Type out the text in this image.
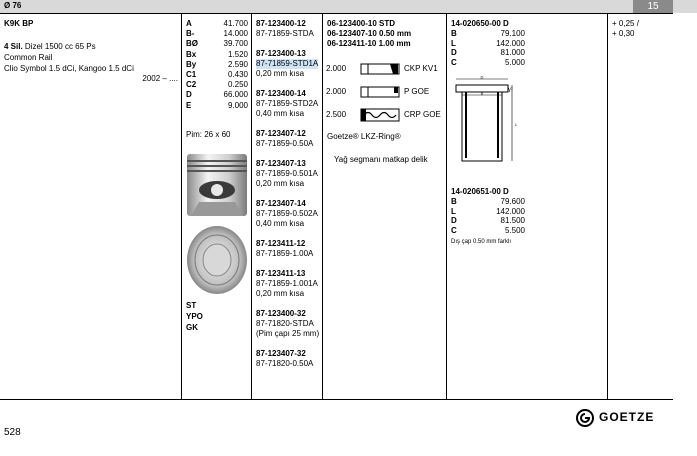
Ø 76	15
K9K BP
4 Sil. Dizel 1500 cc 65 Ps
Common Rail
Clio Symbol 1.5 dCi, Kangoo 1.5 dCi
2002 – ....
A	41.700
B-	14.000
BØ	39.700
Bx	1.520
By	2.590
C1	0.430
C2	0.250
D	66.000
E	9.000
Pim: 26 x 60
ST
YPO
GK
87-123400-12
87-71859-STDA
87-123400-13
87-71859-STD1A
0,20 mm kısa
87-123400-14
87-71859-STD2A
0,40 mm kısa
87-123407-12
87-71859-0.50A
87-123407-13
87-71859-0.501A
0,20 mm kısa
87-123407-14
87-71859-0.502A
0,40 mm kısa
87-123411-12
87-71859-1.00A
87-123411-13
87-71859-1.001A
0,20 mm kısa
87-123400-32
87-71820-STDA
(Pim çapı 25 mm)
87-123407-32
87-71820-0.50A
06-123400-10 STD
06-123407-10 0.50 mm
06-123411-10 1.00 mm
2.000	CKP KV1
2.000	P GOE
2.500	CRP GOE
Goetze® LKZ-Ring®
Yağ segmanı matkap delik
14-020650-00 D
B	79.100
L	142.000
D	81.000
C	5.000
14-020651-00 D
B	79.600
L	142.000
D	81.500
C	5.500
Dış çap 0.50 mm farklı
D
B
L
C
+ 0,25 /
+ 0,30
528
GOETZE
